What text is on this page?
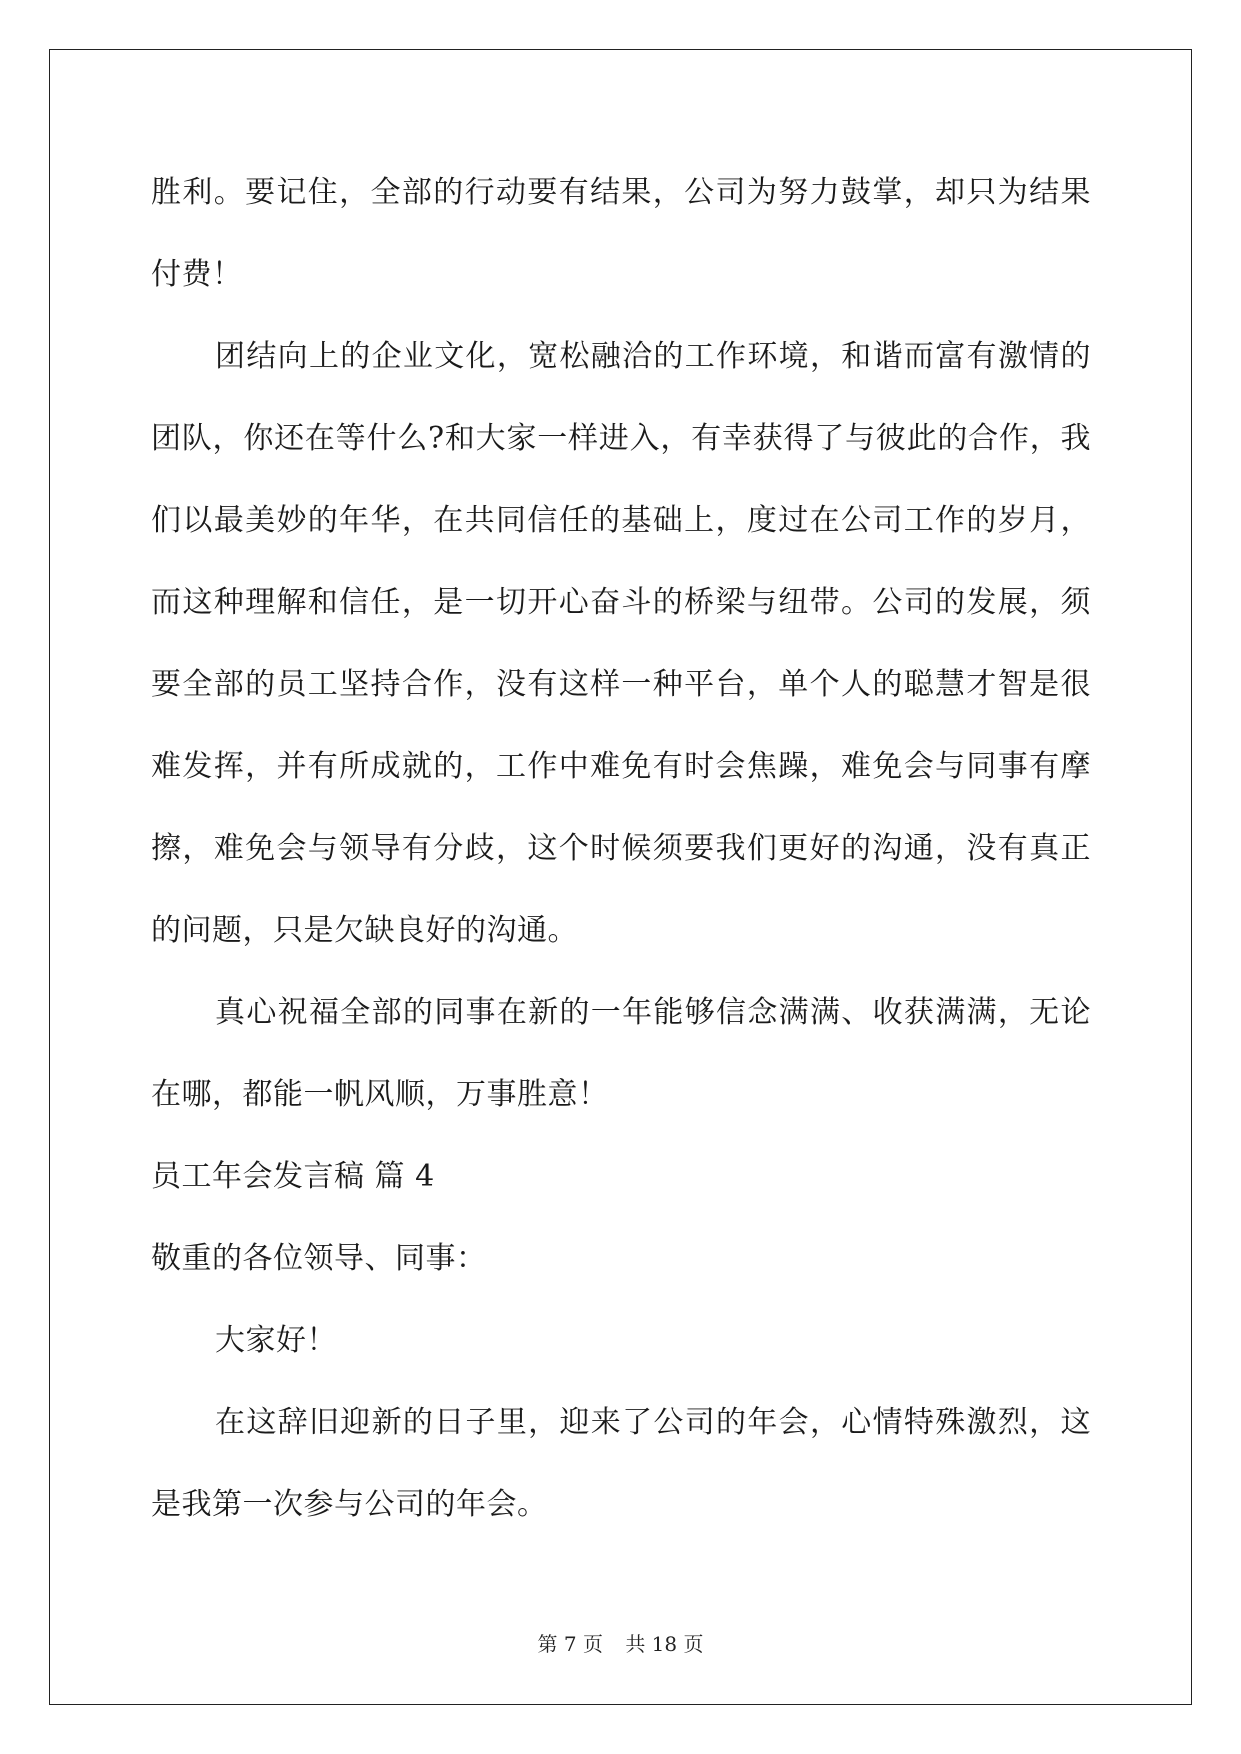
胜利。要记住，全部的行动要有结果，公司为努力鼓掌，却只为结果
付费！
团结向上的企业文化，宽松融洽的工作环境，和谐而富有激情的
团队，你还在等什么?和大家一样进入，有幸获得了与彼此的合作，我
们以最美妙的年华，在共同信任的基础上，度过在公司工作的岁月，
而这种理解和信任，是一切开心奋斗的桥梁与纽带。公司的发展，须
要全部的员工坚持合作，没有这样一种平台，单个人的聪慧才智是很
难发挥，并有所成就的，工作中难免有时会焦躁，难免会与同事有摩
擦，难免会与领导有分歧，这个时候须要我们更好的沟通，没有真正
的问题，只是欠缺良好的沟通。
真心祝福全部的同事在新的一年能够信念满满、收获满满，无论
在哪，都能一帆风顺，万事胜意！
员工年会发言稿 篇 4
敬重的各位领导、同事：
大家好！
在这辞旧迎新的日子里，迎来了公司的年会，心情特殊激烈，这
是我第一次参与公司的年会。
第 7 页 共 18 页
